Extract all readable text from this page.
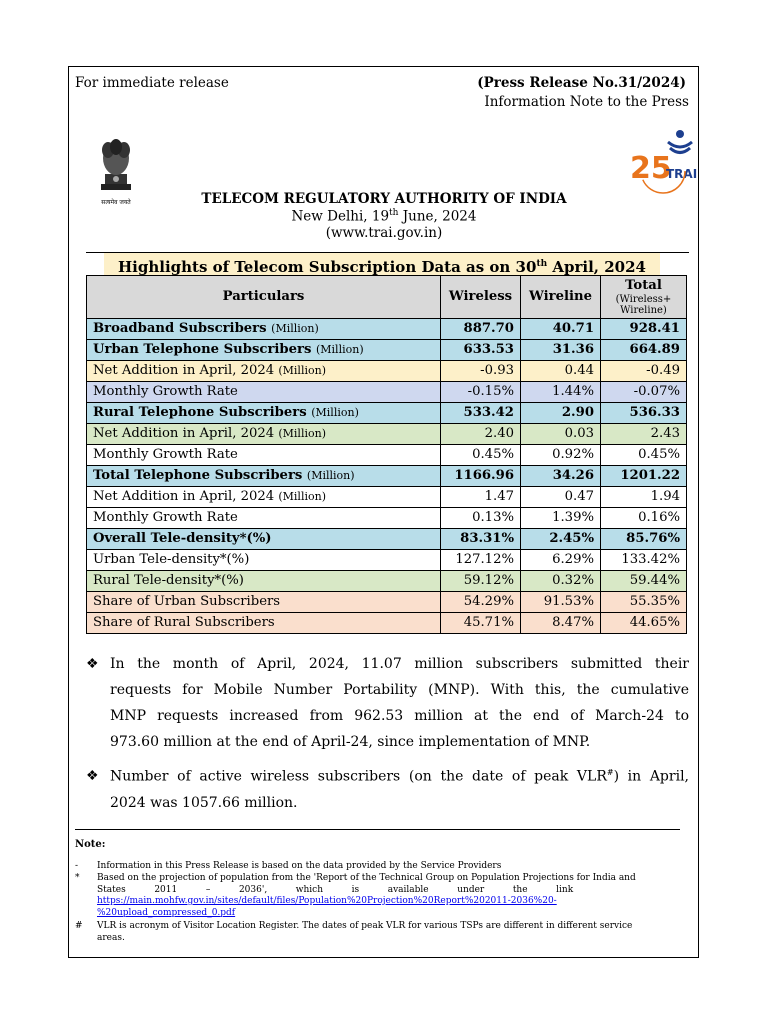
For immediate release	(Press Release No.31/2024)
Information Note to the Press
सत्यमेव जयते
25
TRAI
TELECOM REGULATORY AUTHORITY OF INDIA
New Delhi, 19th June, 2024
(www.trai.gov.in)
Highlights of Telecom Subscription Data as on 30th April, 2024
Particulars	Wireless	Wireline	Total
(Wireless+ Wireline)

Broadband Subscribers (Million)	887.70	40.71	928.41
Urban Telephone Subscribers (Million)	633.53	31.36	664.89
Net Addition in April, 2024 (Million)	-0.93	0.44	-0.49
Monthly Growth Rate	-0.15%	1.44%	-0.07%
Rural Telephone Subscribers (Million)	533.42	2.90	536.33
Net Addition in April, 2024 (Million)	2.40	0.03	2.43
Monthly Growth Rate	0.45%	0.92%	0.45%
Total Telephone Subscribers (Million)	1166.96	34.26	1201.22
Net Addition in April, 2024 (Million)	1.47	0.47	1.94
Monthly Growth Rate	0.13%	1.39%	0.16%
Overall Tele-density*(%)	83.31%	2.45%	85.76%
Urban Tele-density*(%)	127.12%	6.29%	133.42%
Rural Tele-density*(%)	59.12%	0.32%	59.44%
Share of Urban Subscribers	54.29%	91.53%	55.35%
Share of Rural Subscribers	45.71%	8.47%	44.65%
❖ In the month of April, 2024, 11.07 million subscribers submitted their
requests for Mobile Number Portability (MNP). With this, the cumulative
MNP requests increased from 962.53 million at the end of March-24 to
973.60 million at the end of April-24, since implementation of MNP.
❖ Number of active wireless subscribers (on the date of peak VLR#) in April,
2024 was 1057.66 million.
Note:
- Information in this Press Release is based on the data provided by the Service Providers
* Based on the projection of population from the 'Report of the Technical Group on Population Projections for India and
States          2011          –          2036',          which          is          available          under          the          link
https://main.mohfw.gov.in/sites/default/files/Population%20Projection%20Report%202011-2036%20-
%20upload_compressed_0.pdf
# VLR is acronym of Visitor Location Register. The dates of peak VLR for various TSPs are different in different service
areas.
